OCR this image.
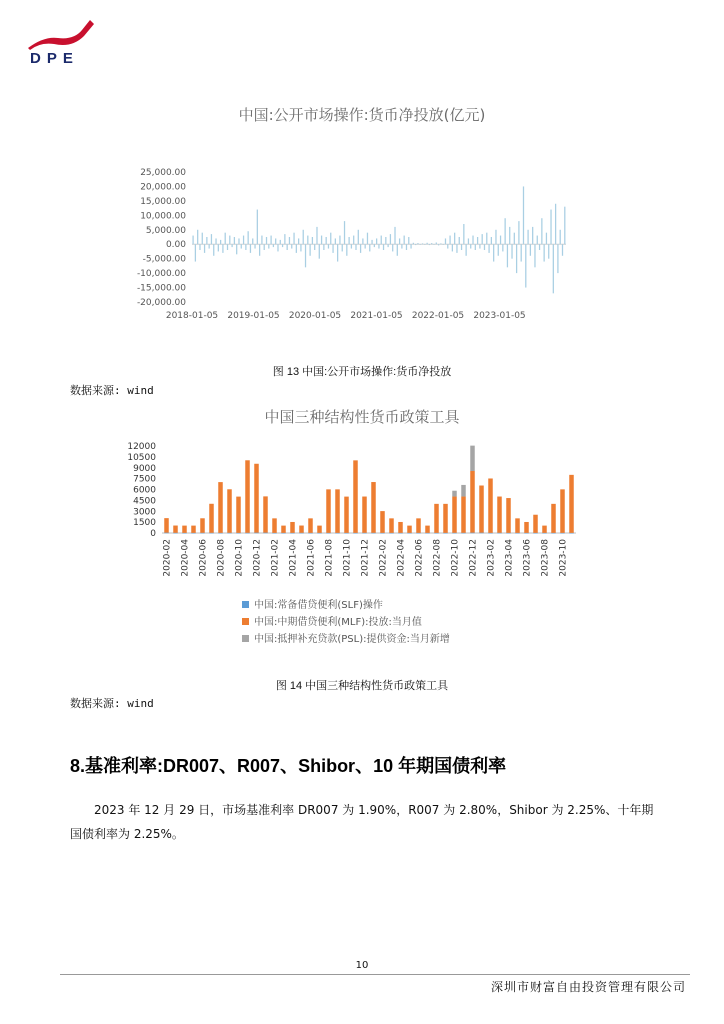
DPE
中国:公开市场操作:货币净投放(亿元)
25,000.00
20,000.00
15,000.00
10,000.00
5,000.00
0.00
-5,000.00
-10,000.00
-15,000.00
-20,000.00
2018-01-05 2019-01-05 2020-01-05 2021-01-05 2022-01-05 2023-01-05
图 13 中国:公开市场操作:货币净投放
数据来源: wind
中国三种结构性货币政策工具
12000
10500
9000
7500
6000
4500
3000
1500
0
2020-02 2020-04 2020-06 2020-08 2020-10 2020-12 2021-02 2021-04 2021-06 2021-08 2021-10 2021-12 2022-02 2022-04 2022-06 2022-08 2022-10 2022-12 2023-02 2023-04 2023-06 2023-08 2023-10
中国:常备借贷便利(SLF)操作
中国:中期借贷便利(MLF):投放:当月值
中国:抵押补充贷款(PSL):提供资金:当月新增
图 14 中国三种结构性货币政策工具
数据来源: wind
8.基准利率:DR007、R007、Shibor、10 年期国债利率
2023 年 12 月 29 日，市场基准利率 DR007 为 1.90%，R007 为 2.80%，Shibor 为 2.25%、十年期国债利率为 2.25%。
10
深圳市财富自由投资管理有限公司
